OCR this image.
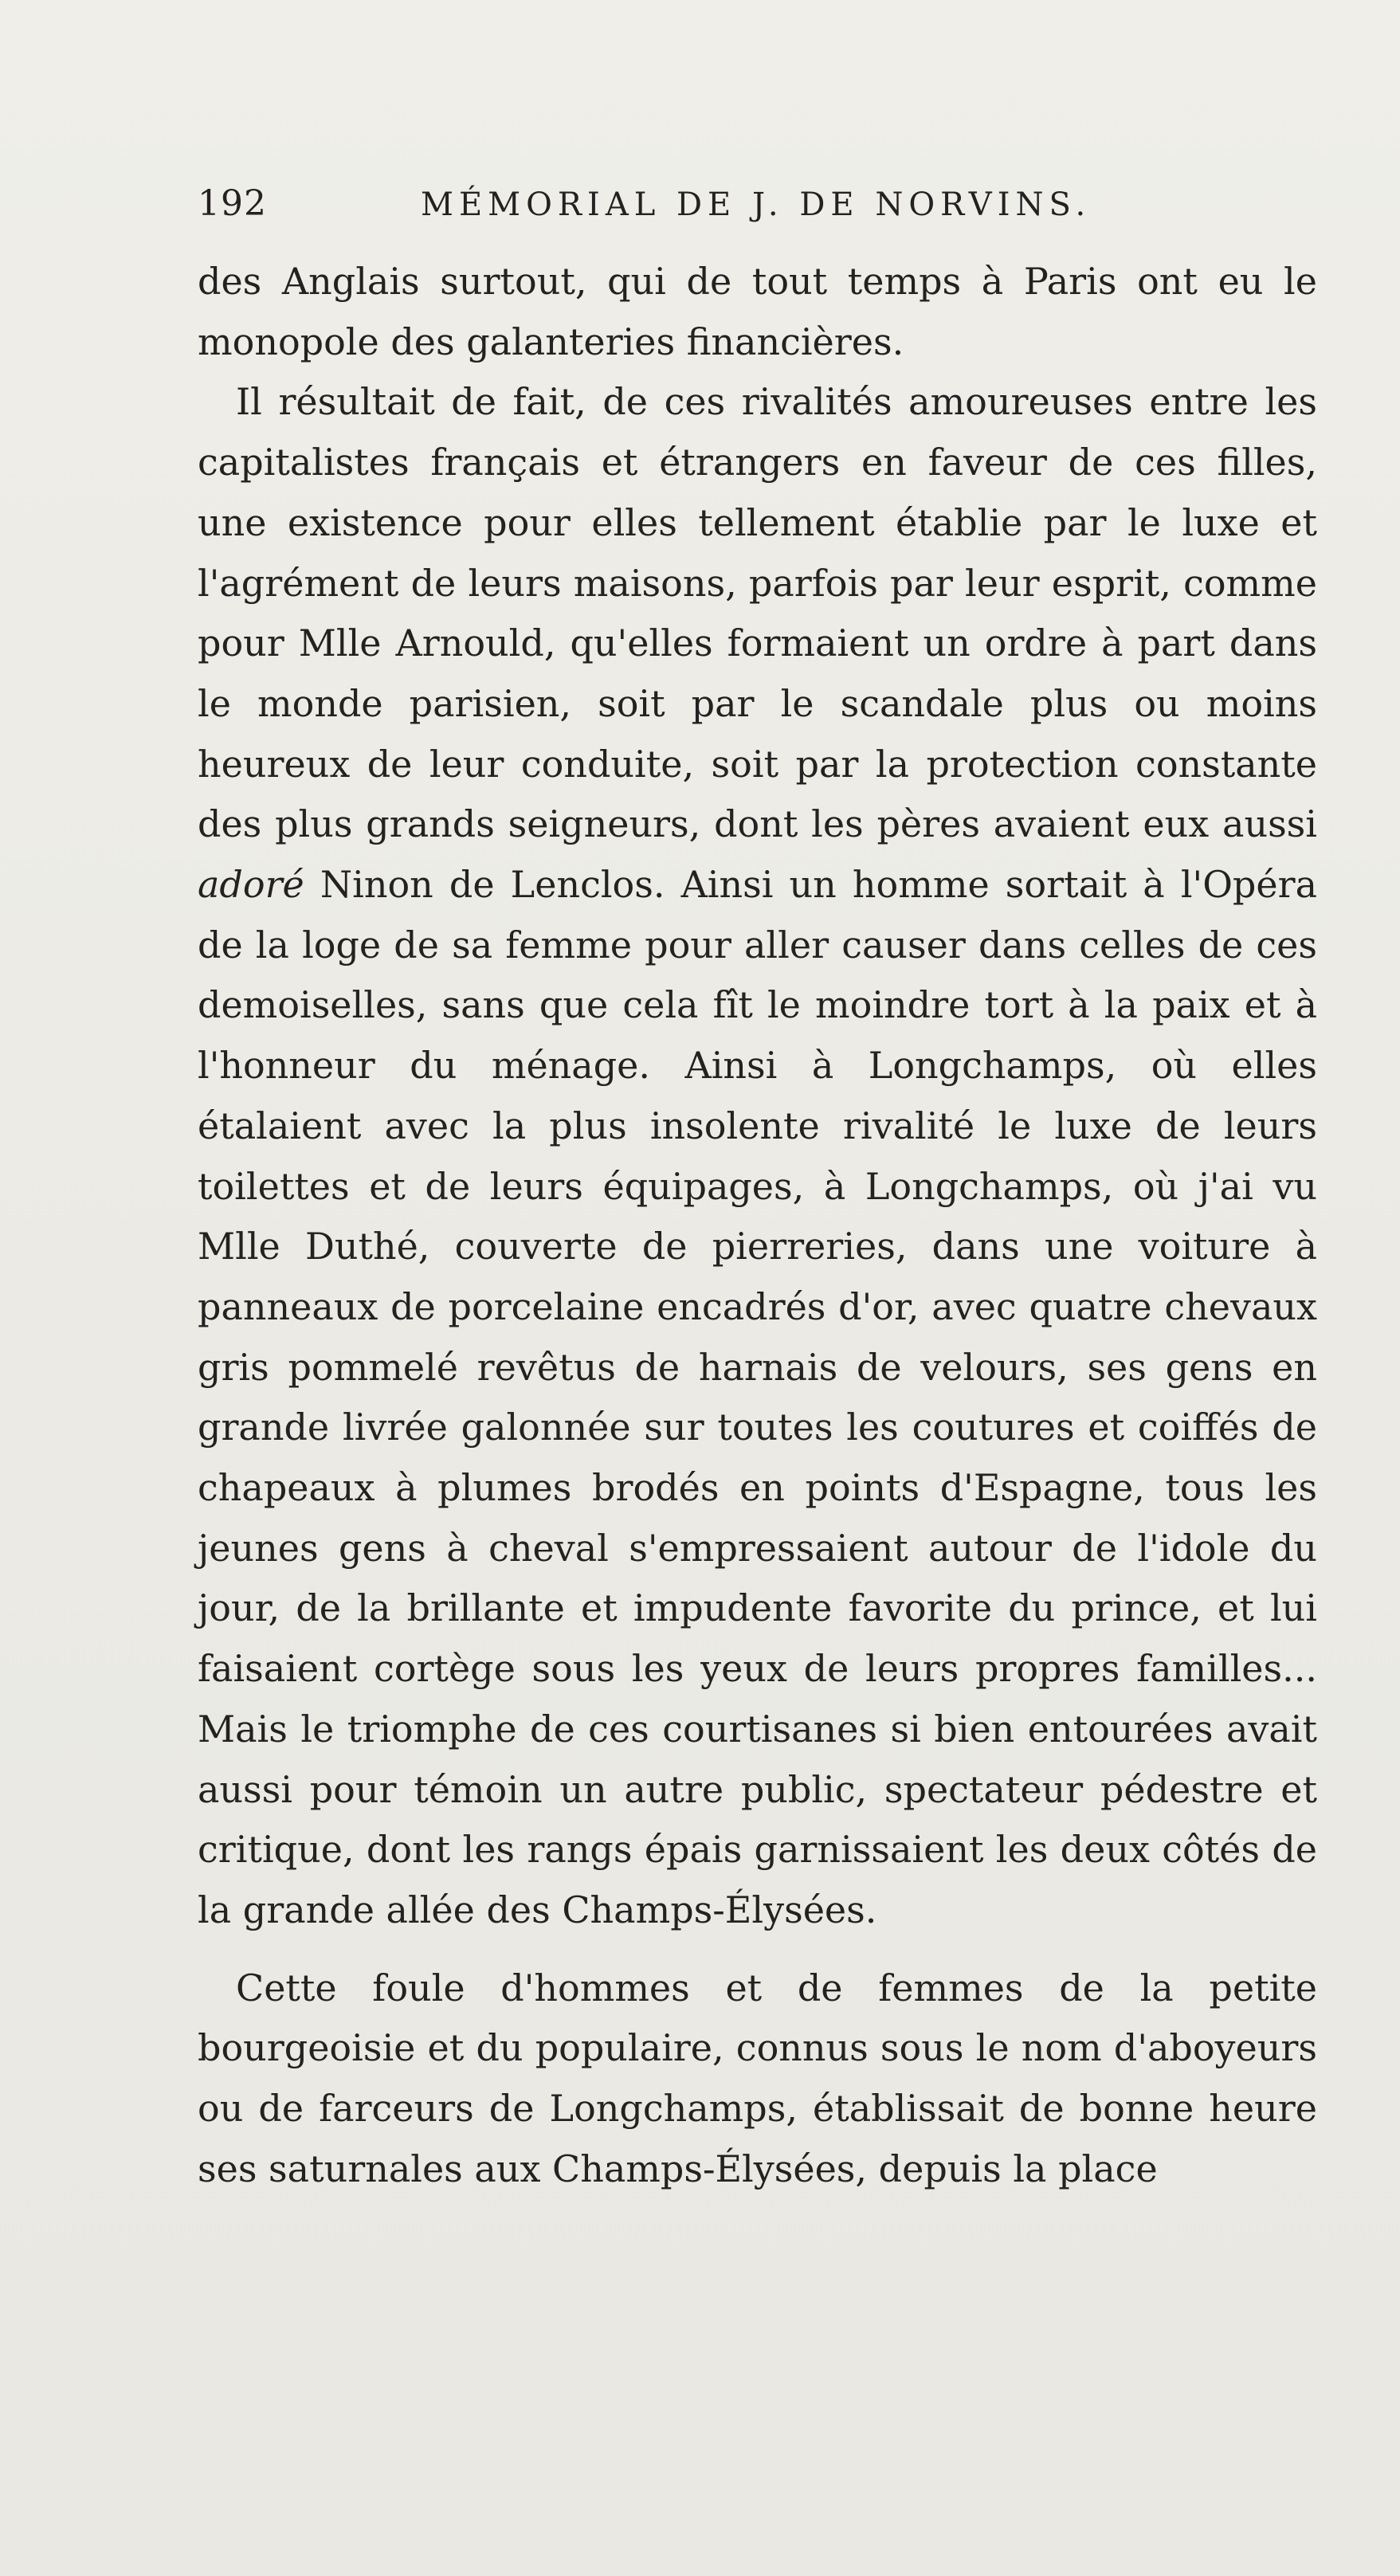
192	MÉMORIAL DE J. DE NORVINS.

des Anglais surtout, qui de tout temps à Paris ont eu le monopole des galanteries financières.

Il résultait de fait, de ces rivalités amoureuses entre les capitalistes français et étrangers en faveur de ces filles, une existence pour elles tellement établie par le luxe et l'agrément de leurs maisons, parfois par leur esprit, comme pour Mlle Arnould, qu'elles formaient un ordre à part dans le monde parisien, soit par le scandale plus ou moins heureux de leur conduite, soit par la protection constante des plus grands seigneurs, dont les pères avaient eux aussi adoré Ninon de Lenclos. Ainsi un homme sortait à l'Opéra de la loge de sa femme pour aller causer dans celles de ces demoiselles, sans que cela fît le moindre tort à la paix et à l'honneur du ménage. Ainsi à Longchamps, où elles étalaient avec la plus insolente rivalité le luxe de leurs toilettes et de leurs équipages, à Longchamps, où j'ai vu Mlle Duthé, couverte de pierreries, dans une voiture à panneaux de porcelaine encadrés d'or, avec quatre chevaux gris pommelé revêtus de harnais de velours, ses gens en grande livrée galonnée sur toutes les coutures et coiffés de chapeaux à plumes brodés en points d'Espagne, tous les jeunes gens à cheval s'empressaient autour de l'idole du jour, de la brillante et impudente favorite du prince, et lui faisaient cortège sous les yeux de leurs propres familles... Mais le triomphe de ces courtisanes si bien entourées avait aussi pour témoin un autre public, spectateur pédestre et critique, dont les rangs épais garnissaient les deux côtés de la grande allée des Champs-Élysées.

Cette foule d'hommes et de femmes de la petite bourgeoisie et du populaire, connus sous le nom d'aboyeurs ou de farceurs de Longchamps, établissait de bonne heure ses saturnales aux Champs-Élysées, depuis la place
